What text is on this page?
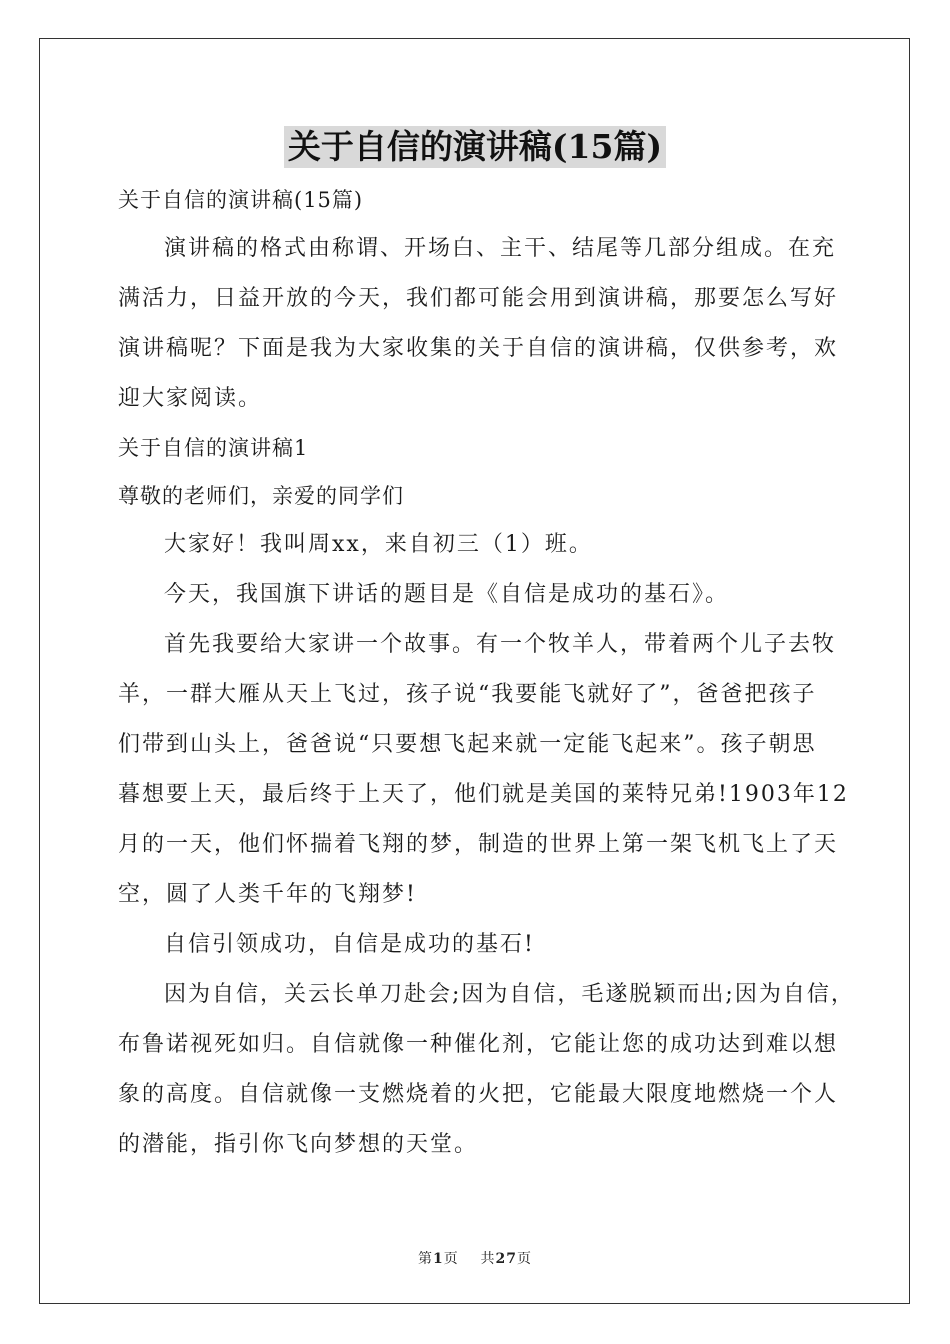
关于自信的演讲稿(15篇)
关于自信的演讲稿(15篇)
演讲稿的格式由称谓、开场白、主干、结尾等几部分组成。在充
满活力，日益开放的今天，我们都可能会用到演讲稿，那要怎么写好
演讲稿呢？下面是我为大家收集的关于自信的演讲稿，仅供参考，欢
迎大家阅读。
关于自信的演讲稿1
尊敬的老师们，亲爱的同学们
大家好！我叫周xx，来自初三（1）班。
今天，我国旗下讲话的题目是《自信是成功的基石》。
首先我要给大家讲一个故事。有一个牧羊人，带着两个儿子去牧
羊，一群大雁从天上飞过，孩子说“我要能飞就好了”，爸爸把孩子
们带到山头上，爸爸说“只要想飞起来就一定能飞起来”。孩子朝思
暮想要上天，最后终于上天了，他们就是美国的莱特兄弟!1903年12
月的一天，他们怀揣着飞翔的梦，制造的世界上第一架飞机飞上了天
空，圆了人类千年的飞翔梦!
自信引领成功，自信是成功的基石!
因为自信，关云长单刀赴会;因为自信，毛遂脱颖而出;因为自信，
布鲁诺视死如归。自信就像一种催化剂，它能让您的成功达到难以想
象的高度。自信就像一支燃烧着的火把，它能最大限度地燃烧一个人
的潜能，指引你飞向梦想的天堂。
第1页 共27页
